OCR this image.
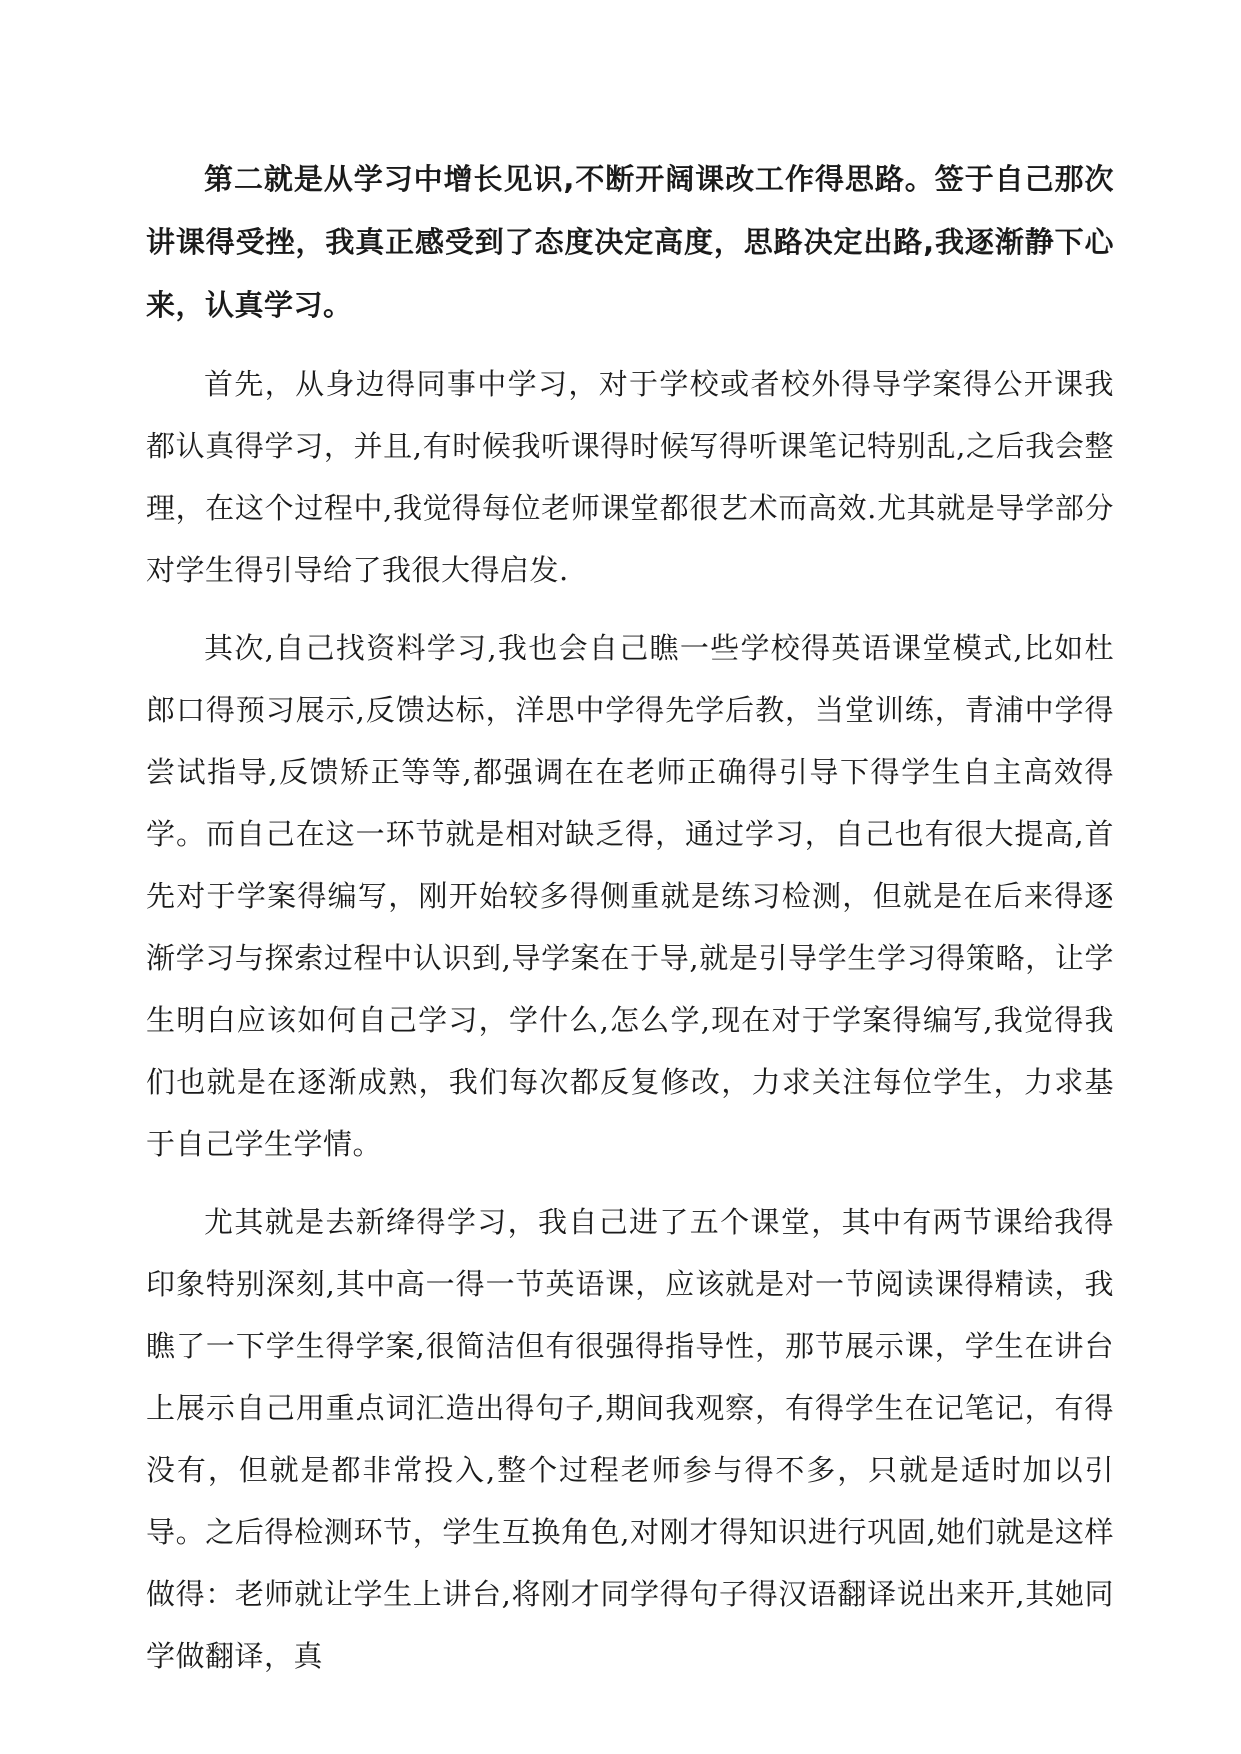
第二就是从学习中增长见识,不断开阔课改工作得思路。签于自己那次讲课得受挫，我真正感受到了态度决定高度，思路决定出路,我逐渐静下心来，认真学习。

首先，从身边得同事中学习，对于学校或者校外得导学案得公开课我都认真得学习，并且,有时候我听课得时候写得听课笔记特别乱,之后我会整理，在这个过程中,我觉得每位老师课堂都很艺术而高效.尤其就是导学部分对学生得引导给了我很大得启发.

其次,自己找资料学习,我也会自己瞧一些学校得英语课堂模式,比如杜郎口得预习展示,反馈达标，洋思中学得先学后教，当堂训练，青浦中学得尝试指导,反馈矫正等等,都强调在在老师正确得引导下得学生自主高效得学。而自己在这一环节就是相对缺乏得，通过学习，自己也有很大提高,首先对于学案得编写，刚开始较多得侧重就是练习检测，但就是在后来得逐渐学习与探索过程中认识到,导学案在于导,就是引导学生学习得策略，让学生明白应该如何自己学习，学什么,怎么学,现在对于学案得编写,我觉得我们也就是在逐渐成熟，我们每次都反复修改，力求关注每位学生，力求基于自己学生学情。

尤其就是去新绛得学习，我自己进了五个课堂，其中有两节课给我得印象特别深刻,其中高一得一节英语课，应该就是对一节阅读课得精读，我瞧了一下学生得学案,很简洁但有很强得指导性，那节展示课，学生在讲台上展示自己用重点词汇造出得句子,期间我观察，有得学生在记笔记，有得没有，但就是都非常投入,整个过程老师参与得不多，只就是适时加以引导。之后得检测环节，学生互换角色,对刚才得知识进行巩固,她们就是这样做得：老师就让学生上讲台,将刚才同学得句子得汉语翻译说出来开,其她同学做翻译，真
